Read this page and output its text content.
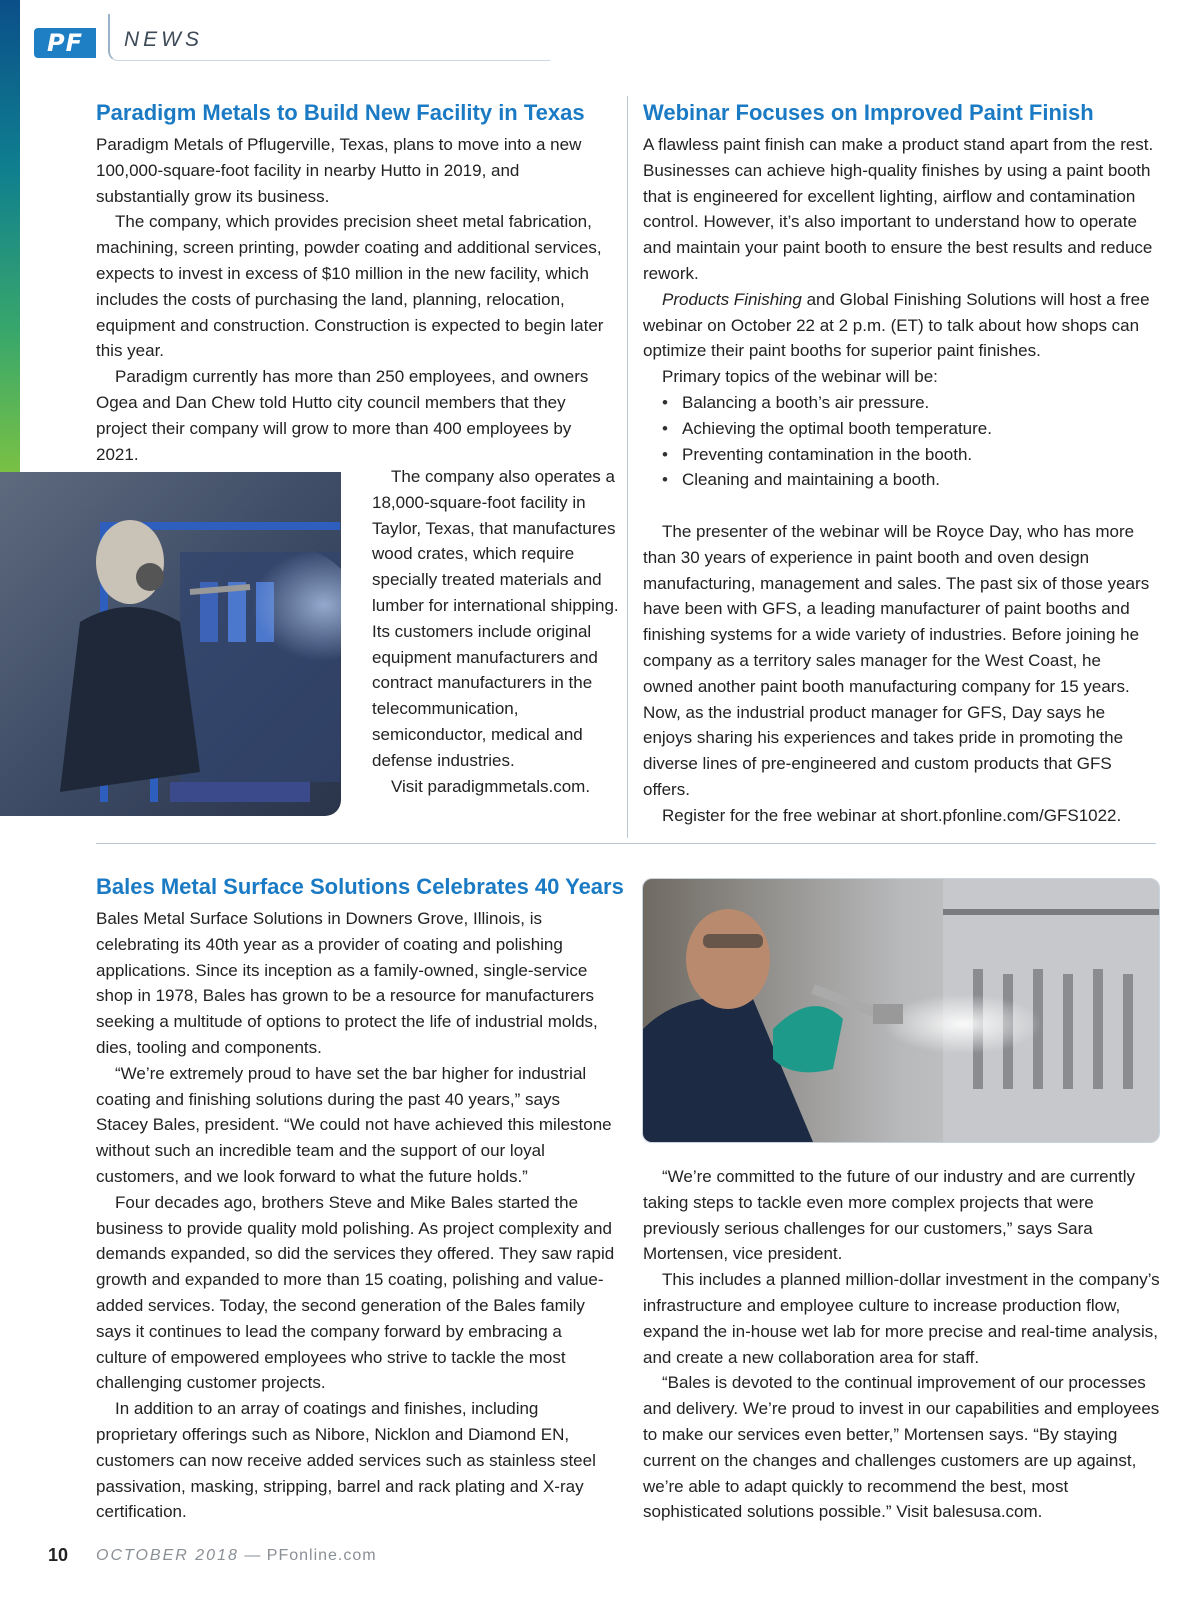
PF	NEWS
Paradigm Metals to Build New Facility in Texas

Paradigm Metals of Pflugerville, Texas, plans to move into a new 100,000-square-foot facility in nearby Hutto in 2019, and substantially grow its business.

The company, which provides precision sheet metal fabrication, machining, screen printing, powder coating and additional services, expects to invest in excess of $10 million in the new facility, which includes the costs of purchasing the land, planning, relocation, equipment and construction. Construction is expected to begin later this year.

Paradigm currently has more than 250 employees, and owners Ogea and Dan Chew told Hutto city council members that they project their company will grow to more than 400 employees by 2021.

The company also operates a 18,000-square-foot facility in Taylor, Texas, that manufactures wood crates, which require specially treated materials and lumber for international shipping. Its customers include original equipment manufacturers and contract manufacturers in the telecommunication, semiconductor, medical and defense industries.

Visit paradigmmetals.com.

Webinar Focuses on Improved Paint Finish

A flawless paint finish can make a product stand apart from the rest. Businesses can achieve high-quality finishes by using a paint booth that is engineered for excellent lighting, airflow and contamination control. However, it’s also important to understand how to operate and maintain your paint booth to ensure the best results and reduce rework.

Products Finishing and Global Finishing Solutions will host a free webinar on October 22 at 2 p.m. (ET) to talk about how shops can optimize their paint booths for superior paint finishes.

Primary topics of the webinar will be:

• Balancing a booth’s air pressure.
• Achieving the optimal booth temperature.
• Preventing contamination in the booth.
• Cleaning and maintaining a booth.

The presenter of the webinar will be Royce Day, who has more than 30 years of experience in paint booth and oven design manufacturing, management and sales. The past six of those years have been with GFS, a leading manufacturer of paint booths and finishing systems for a wide variety of industries. Before joining he company as a territory sales manager for the West Coast, he owned another paint booth manufacturing company for 15 years. Now, as the industrial product manager for GFS, Day says he enjoys sharing his experiences and takes pride in promoting the diverse lines of pre-engineered and custom products that GFS offers.

Register for the free webinar at short.pfonline.com/GFS1022.

Bales Metal Surface Solutions Celebrates 40 Years

Bales Metal Surface Solutions in Downers Grove, Illinois, is celebrating its 40th year as a provider of coating and polishing applications. Since its inception as a family-owned, single-service shop in 1978, Bales has grown to be a resource for manufacturers seeking a multitude of options to protect the life of industrial molds, dies, tooling and components.

“We’re extremely proud to have set the bar higher for industrial coating and finishing solutions during the past 40 years,” says Stacey Bales, president. “We could not have achieved this milestone without such an incredible team and the support of our loyal customers, and we look forward to what the future holds.”

Four decades ago, brothers Steve and Mike Bales started the business to provide quality mold polishing. As project complexity and demands expanded, so did the services they offered. They saw rapid growth and expanded to more than 15 coating, polishing and value-added services. Today, the second generation of the Bales family says it continues to lead the company forward by embracing a culture of empowered employees who strive to tackle the most challenging customer projects.

In addition to an array of coatings and finishes, including proprietary offerings such as Nibore, Nicklon and Diamond EN, customers can now receive added services such as stainless steel passivation, masking, stripping, barrel and rack plating and X-ray certification.

“We’re committed to the future of our industry and are currently taking steps to tackle even more complex projects that were previously serious challenges for our customers,” says Sara Mortensen, vice president.

This includes a planned million-dollar investment in the company’s infrastructure and employee culture to increase production flow, expand the in-house wet lab for more precise and real-time analysis, and create a new collaboration area for staff.

“Bales is devoted to the continual improvement of our processes and delivery. We’re proud to invest in our capabilities and employees to make our services even better,” Mortensen says. “By staying current on the changes and challenges customers are up against, we’re able to adapt quickly to recommend the best, most sophisticated solutions possible.” Visit balesusa.com.

10 OCTOBER 2018 — PFonline.com
